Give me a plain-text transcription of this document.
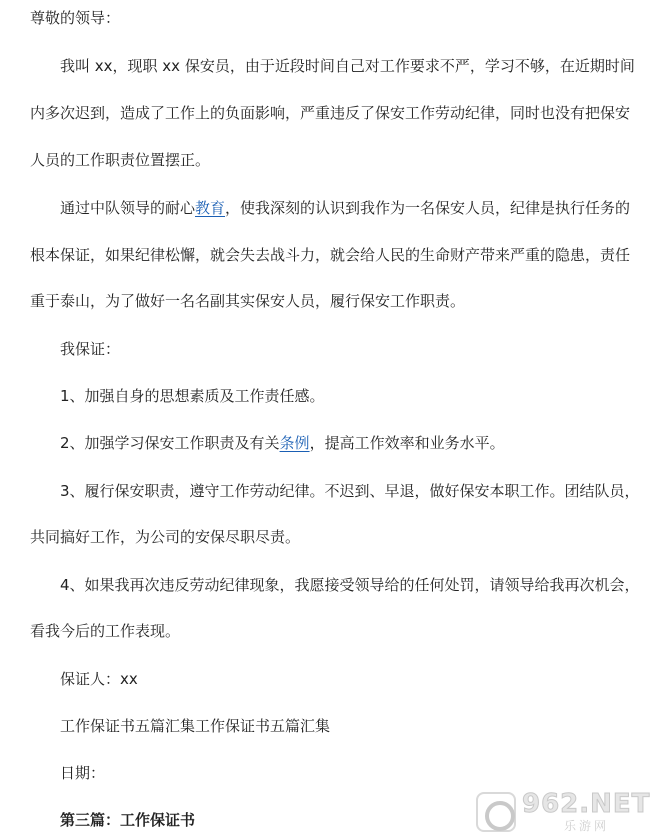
尊敬的领导：
我叫 xx，现职 xx 保安员，由于近段时间自己对工作要求不严，学习不够，在近期时间
内多次迟到，造成了工作上的负面影响，严重违反了保安工作劳动纪律，同时也没有把保安
人员的工作职责位置摆正。
通过中队领导的耐心教育，使我深刻的认识到我作为一名保安人员，纪律是执行任务的
根本保证，如果纪律松懈，就会失去战斗力，就会给人民的生命财产带来严重的隐患，责任
重于泰山，为了做好一名名副其实保安人员，履行保安工作职责。
我保证：
1、加强自身的思想素质及工作责任感。
2、加强学习保安工作职责及有关条例，提高工作效率和业务水平。
3、履行保安职责，遵守工作劳动纪律。不迟到、早退，做好保安本职工作。团结队员，
共同搞好工作，为公司的安保尽职尽责。
4、如果我再次违反劳动纪律现象，我愿接受领导给的任何处罚，请领导给我再次机会，
看我今后的工作表现。
保证人：xx
工作保证书五篇汇集工作保证书五篇汇集
日期：
第三篇：工作保证书
962.NET
乐游网
